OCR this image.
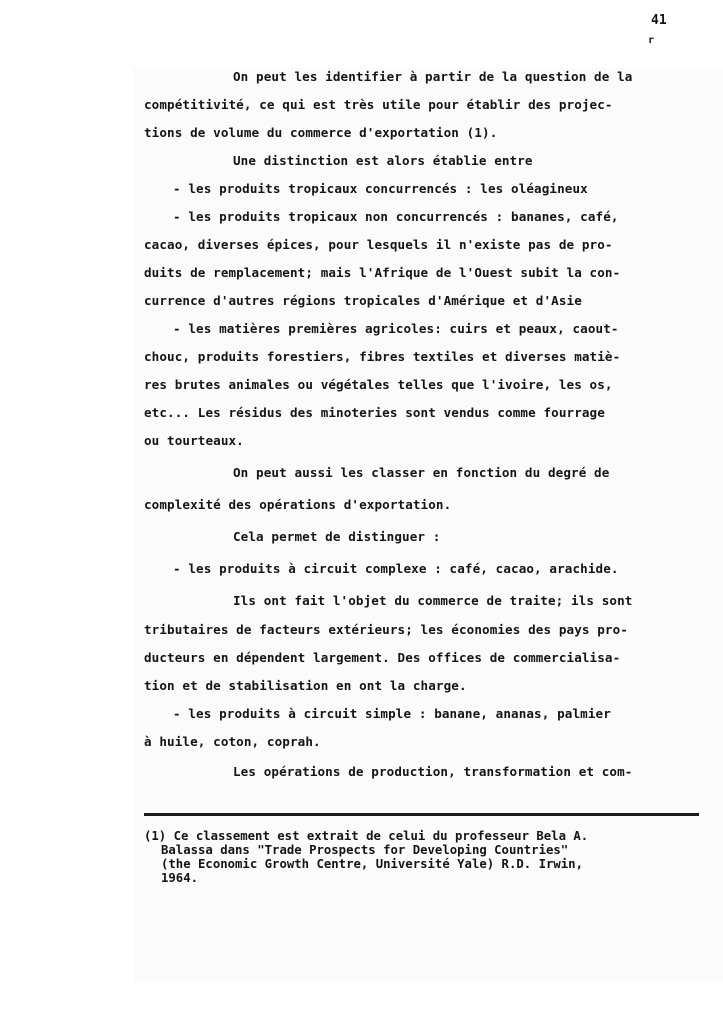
41
r
On peut les identifier à partir de la question de la
compétitivité, ce qui est très utile pour établir des projec-
tions de volume du commerce d'exportation (1).
Une distinction est alors établie entre
- les produits tropicaux concurrencés : les oléagineux
- les produits tropicaux non concurrencés : bananes, café,
cacao, diverses épices, pour lesquels il n'existe pas de pro-
duits de remplacement; mais l'Afrique de l'Ouest subit la con-
currence d'autres régions tropicales d'Amérique et d'Asie
- les matières premières agricoles: cuirs et peaux, caout-
chouc, produits forestiers, fibres textiles et diverses matiè-
res brutes animales ou végétales telles que l'ivoire, les os,
etc... Les résidus des minoteries sont vendus comme fourrage
ou tourteaux.
On peut aussi les classer en fonction du degré de
complexité des opérations d'exportation.
Cela permet de distinguer :
- les produits à circuit complexe : café, cacao, arachide.
Ils ont fait l'objet du commerce de traite; ils sont
tributaires de facteurs extérieurs; les économies des pays pro-
ducteurs en dépendent largement. Des offices de commercialisa-
tion et de stabilisation en ont la charge.
- les produits à circuit simple : banane, ananas, palmier
à huile, coton, coprah.
Les opérations de production, transformation et com-
(1) Ce classement est extrait de celui du professeur Bela A.
Balassa dans "Trade Prospects for Developing Countries"
(the Economic Growth Centre, Université Yale) R.D. Irwin,
1964.
